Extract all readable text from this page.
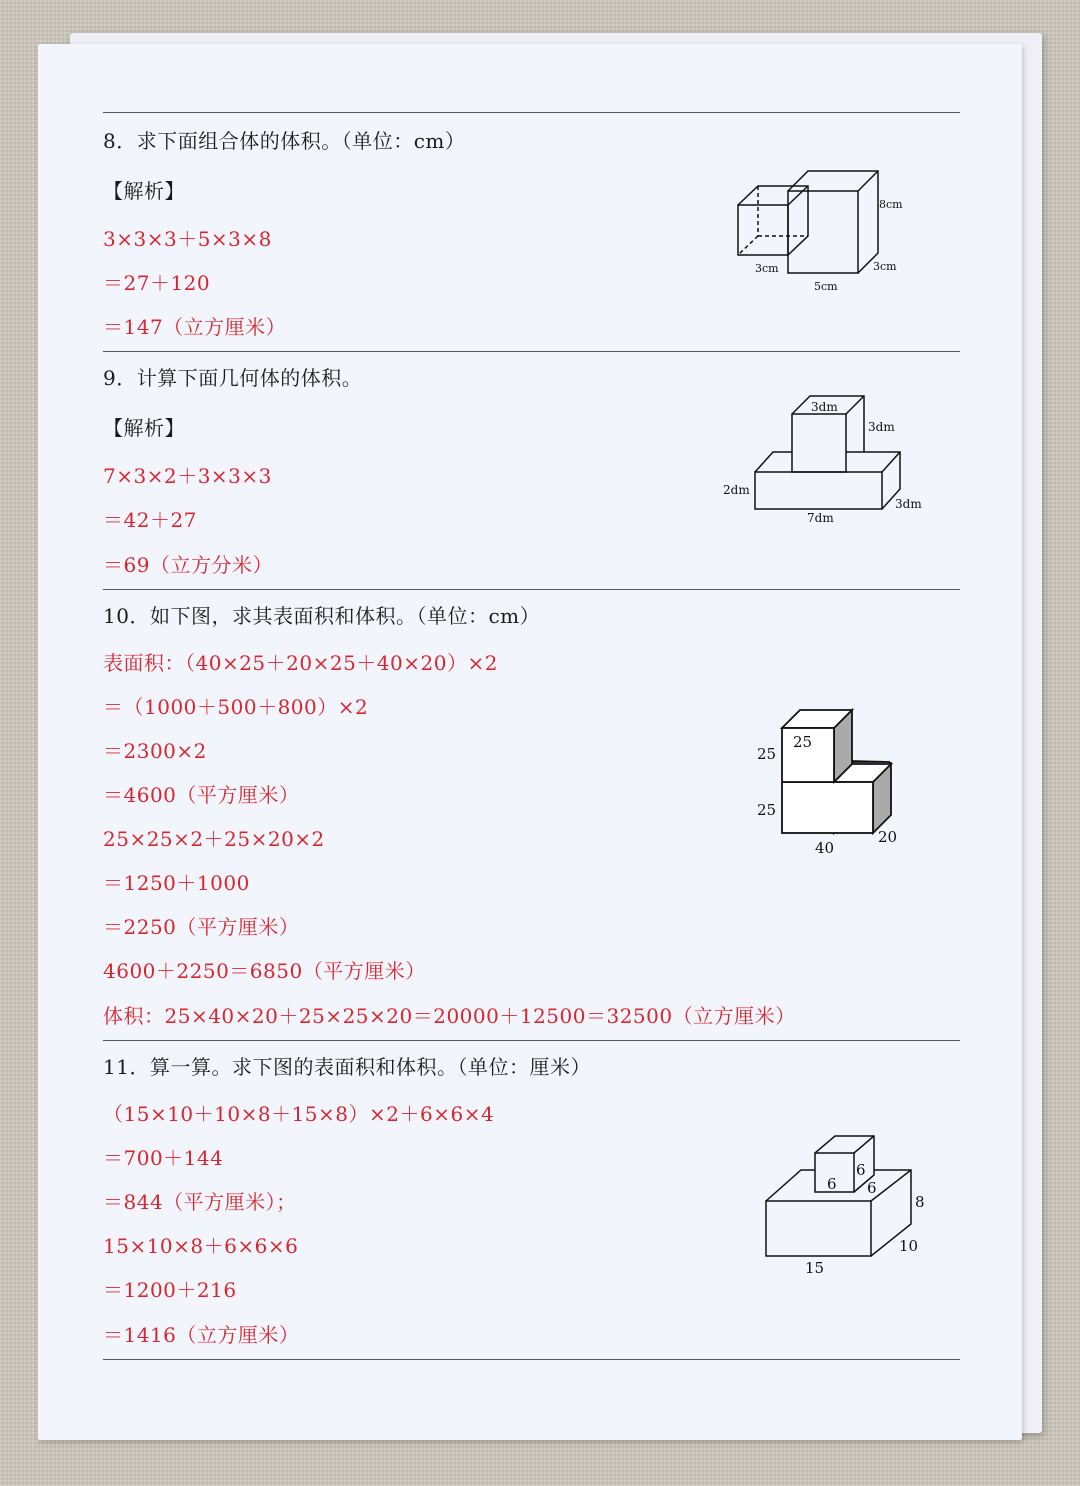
8．求下面组合体的体积。（单位：cm）
【解析】
3×3×3＋5×3×8
＝27＋120
＝147（立方厘米）
8cm
3cm
3cm
5cm
9．计算下面几何体的体积。
【解析】
7×3×2＋3×3×3
＝42＋27
＝69（立方分米）
3dm
3dm
2dm
7dm
3dm
10．如下图，求其表面积和体积。（单位：cm）
表面积：（40×25＋20×25＋40×20）×2
＝（1000＋500＋800）×2
＝2300×2
＝4600（平方厘米）
25×25×2＋25×20×2
＝1250＋1000
＝2250（平方厘米）
4600＋2250＝6850（平方厘米）
体积：25×40×20＋25×25×20＝20000＋12500＝32500（立方厘米）
25
25
25
40
20
11．算一算。求下图的表面积和体积。（单位：厘米）
（15×10＋10×8＋15×8）×2＋6×6×4
＝700＋144
＝844（平方厘米）；
15×10×8＋6×6×6
＝1200＋216
＝1416（立方厘米）
6
6
6
8
10
15
